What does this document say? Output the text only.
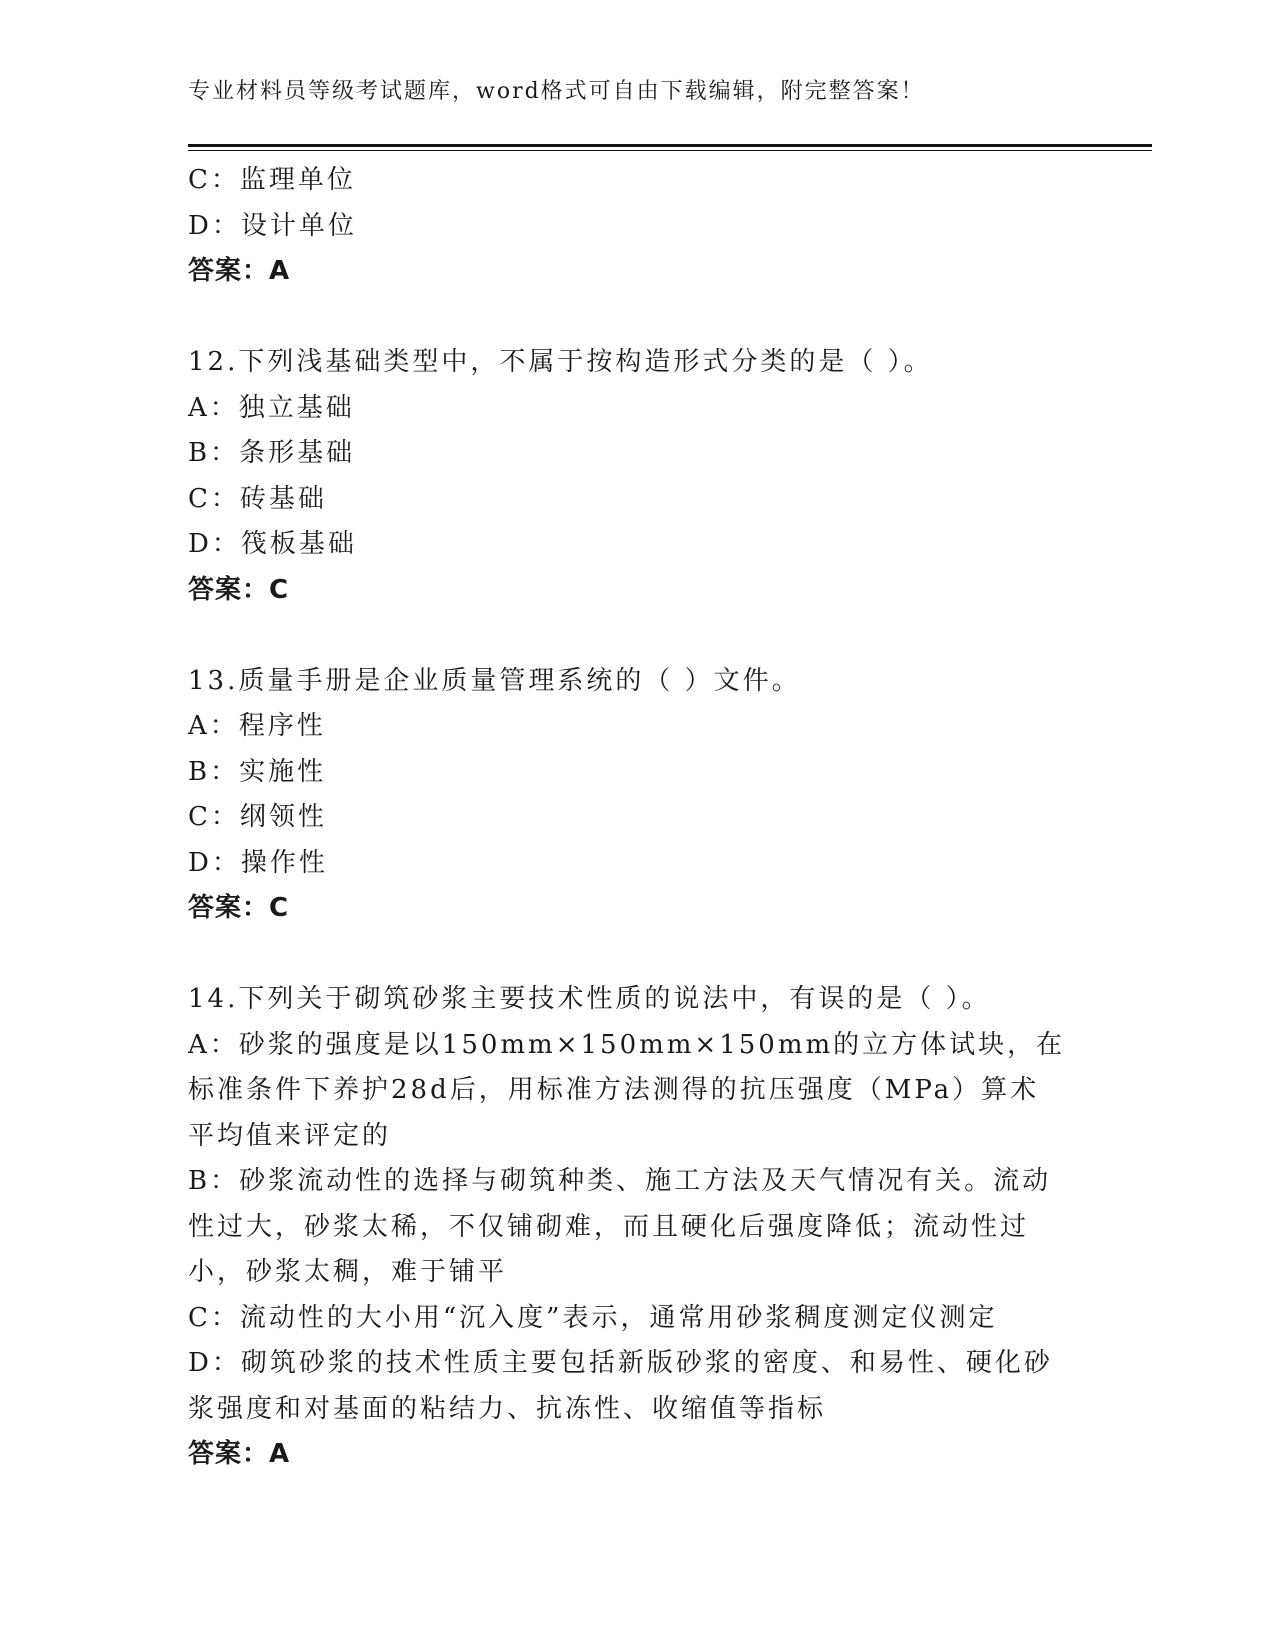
专业材料员等级考试题库，word格式可自由下载编辑，附完整答案！
C：监理单位
D：设计单位
答案：A
12.下列浅基础类型中，不属于按构造形式分类的是（ ）。
A：独立基础
B：条形基础
C：砖基础
D：筏板基础
答案：C
13.质量手册是企业质量管理系统的（ ）文件。
A：程序性
B：实施性
C：纲领性
D：操作性
答案：C
14.下列关于砌筑砂浆主要技术性质的说法中，有误的是（ ）。
A：砂浆的强度是以150mm×150mm×150mm的立方体试块，在标准条件下养护28d后，用标准方法测得的抗压强度（MPa）算术平均值来评定的
B：砂浆流动性的选择与砌筑种类、施工方法及天气情况有关。流动性过大，砂浆太稀，不仅铺砌难，而且硬化后强度降低；流动性过小，砂浆太稠，难于铺平
C：流动性的大小用“沉入度”表示，通常用砂浆稠度测定仪测定
D：砌筑砂浆的技术性质主要包括新版砂浆的密度、和易性、硬化砂浆强度和对基面的粘结力、抗冻性、收缩值等指标
答案：A
